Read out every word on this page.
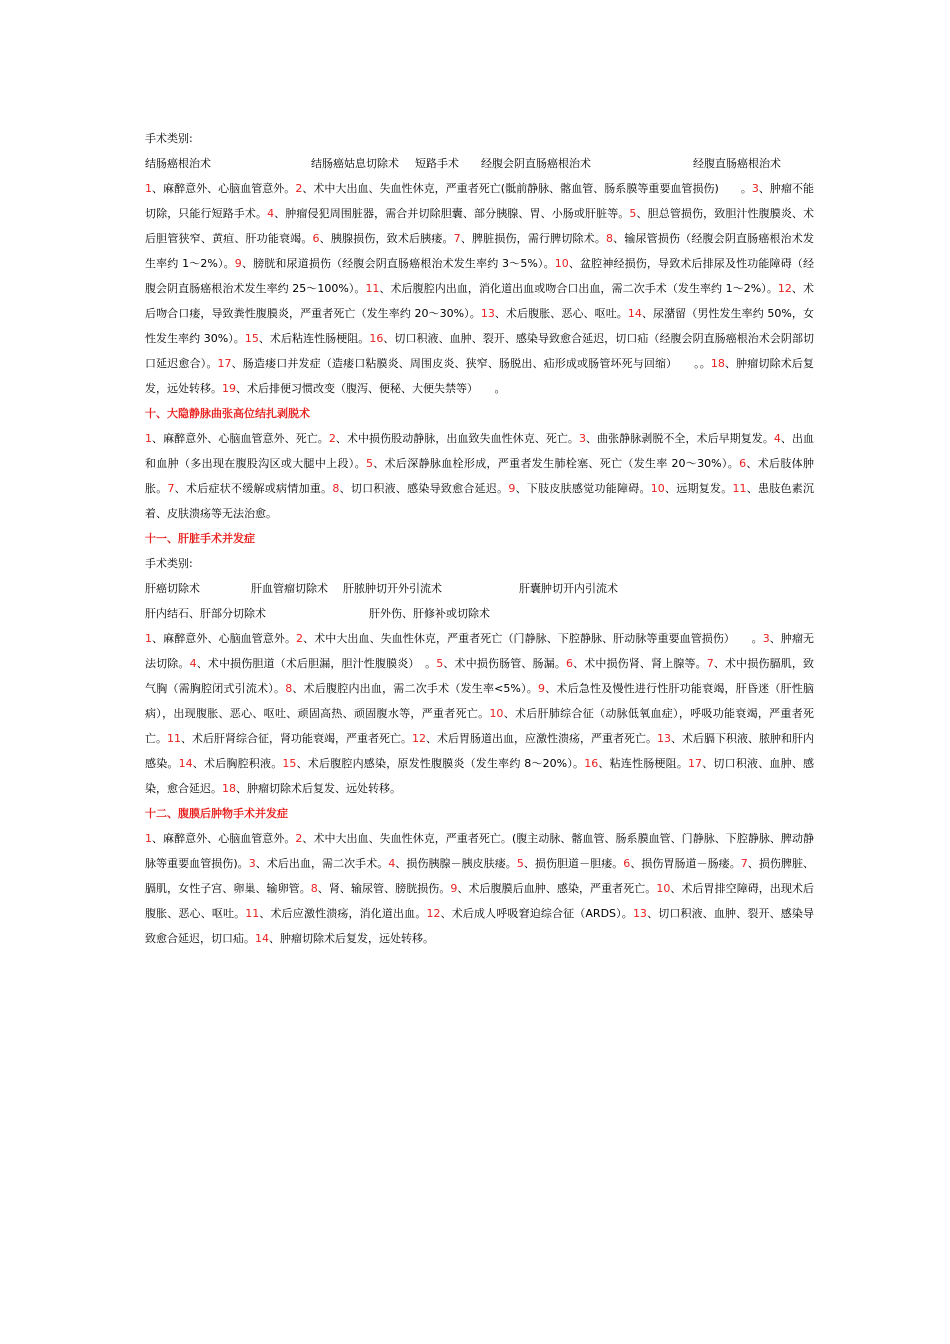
手术类别:
结肠癌根治术	结肠癌姑息切除术 短路手术 经腹会阴直肠癌根治术	经腹直肠癌根治术
1、麻醉意外、心脑血管意外。2、术中大出血、失血性休克，严重者死亡(骶前静脉、髂血管、肠系膜等重要血管损伤)　　。3、肿瘤不能切除，只能行短路手术。4、肿瘤侵犯周围脏器，需合并切除胆囊、部分胰腺、胃、小肠或肝脏等。5、胆总管损伤，致胆汁性腹膜炎、术后胆管狭窄、黄疸、肝功能衰竭。6、胰腺损伤，致术后胰瘘。7、脾脏损伤，需行脾切除术。8、输尿管损伤（经腹会阴直肠癌根治术发生率约 1～2%）。9、膀胱和尿道损伤（经腹会阴直肠癌根治术发生率约 3～5%）。10、盆腔神经损伤，导致术后排尿及性功能障碍（经腹会阴直肠癌根治术发生率约 25～100%）。11、术后腹腔内出血，消化道出血或吻合口出血，需二次手术（发生率约 1～2%）。12、术后吻合口瘘，导致粪性腹膜炎，严重者死亡（发生率约 20～30%）。13、术后腹胀、恶心、呕吐。14、尿潴留（男性发生率约 50%，女性发生率约 30%）。15、术后粘连性肠梗阻。16、切口积液、血肿、裂开、感染导致愈合延迟，切口疝（经腹会阴直肠癌根治术会阴部切口延迟愈合）。17、肠造瘘口并发症（造瘘口粘膜炎、周围皮炎、狭窄、肠脱出、疝形成或肠管坏死与回缩）　　。。18、肿瘤切除术后复发，远处转移。19、术后排便习惯改变（腹泻、便秘、大便失禁等）　　。
十、大隐静脉曲张高位结扎剥脱术
1、麻醉意外、心脑血管意外、死亡。2、术中损伤股动静脉，出血致失血性休克、死亡。3、曲张静脉剥脱不全，术后早期复发。4、出血和血肿（多出现在腹股沟区或大腿中上段）。5、术后深静脉血栓形成，严重者发生肺栓塞、死亡（发生率 20～30%）。6、术后肢体肿胀。7、术后症状不缓解或病情加重。8、切口积液、感染导致愈合延迟。9、下肢皮肤感觉功能障碍。10、远期复发。11、患肢色素沉着、皮肤溃疡等无法治愈。
十一、肝脏手术并发症
手术类别:
肝癌切除术	肝血管瘤切除术 肝脓肿切开外引流术	肝囊肿切开内引流术
肝内结石、肝部分切除术	肝外伤、肝修补或切除术
1、麻醉意外、心脑血管意外。2、术中大出血、失血性休克，严重者死亡（门静脉、下腔静脉、肝动脉等重要血管损伤）　　。3、肿瘤无法切除。4、术中损伤胆道（术后胆漏，胆汁性腹膜炎）　。5、术中损伤肠管、肠漏。6、术中损伤肾、肾上腺等。7、术中损伤膈肌，致气胸（需胸腔闭式引流术）。8、术后腹腔内出血，需二次手术（发生率<5%）。9、术后急性及慢性进行性肝功能衰竭，肝昏迷（肝性脑病），出现腹胀、恶心、呕吐、顽固高热、顽固腹水等，严重者死亡。10、术后肝肺综合征（动脉低氧血症），呼吸功能衰竭，严重者死亡。11、术后肝肾综合征，肾功能衰竭，严重者死亡。12、术后胃肠道出血，应激性溃疡，严重者死亡。13、术后膈下积液、脓肿和肝内感染。14、术后胸腔积液。15、术后腹腔内感染，原发性腹膜炎（发生率约 8～20%）。16、粘连性肠梗阻。17、切口积液、血肿、感染，愈合延迟。18、肿瘤切除术后复发、远处转移。
十二、腹膜后肿物手术并发症
1、麻醉意外、心脑血管意外。2、术中大出血、失血性休克，严重者死亡。(腹主动脉、髂血管、肠系膜血管、门静脉、下腔静脉、脾动静脉等重要血管损伤)。3、术后出血，需二次手术。4、损伤胰腺－胰皮肤瘘。5、损伤胆道－胆瘘。6、损伤胃肠道－肠瘘。7、损伤脾脏、膈肌，女性子宫、卵巢、输卵管。8、肾、输尿管、膀胱损伤。9、术后腹膜后血肿、感染，严重者死亡。10、术后胃排空障碍，出现术后腹胀、恶心、呕吐。11、术后应激性溃疡，消化道出血。12、术后成人呼吸窘迫综合征（ARDS）。13、切口积液、血肿、裂开、感染导致愈合延迟，切口疝。14、肿瘤切除术后复发，远处转移。
